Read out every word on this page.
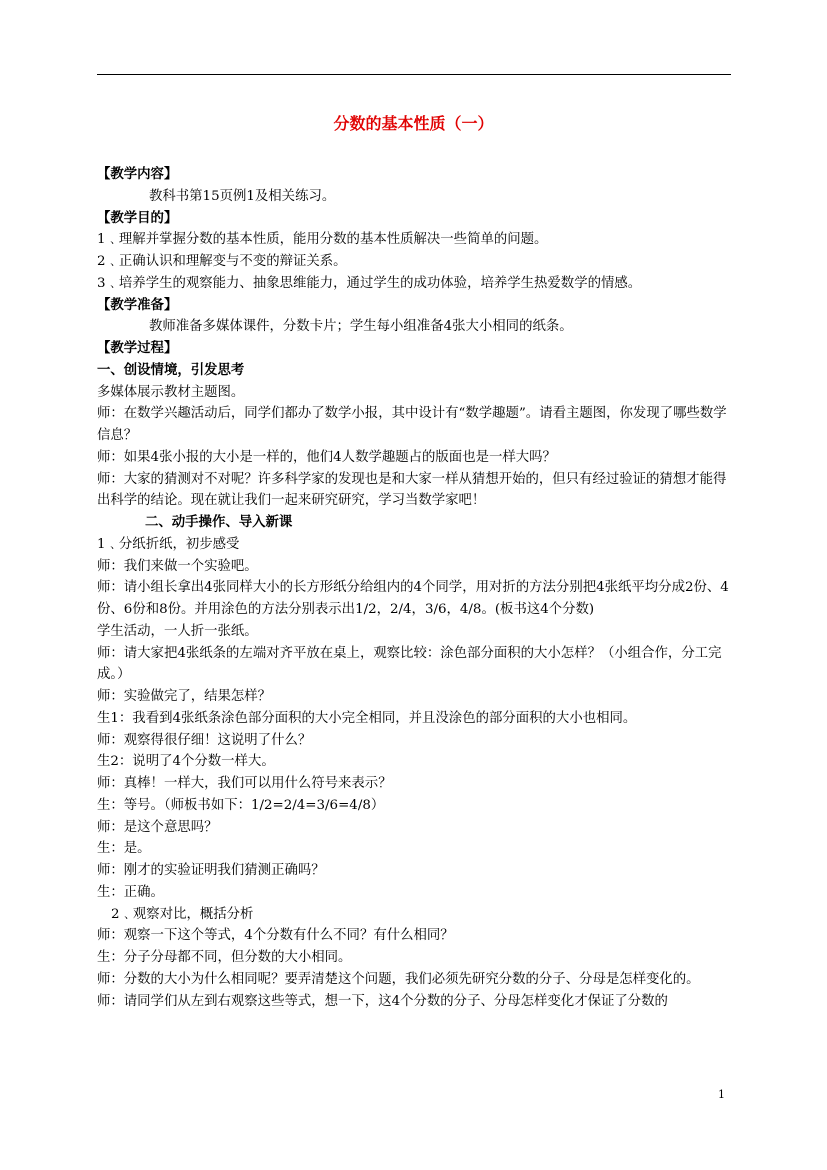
分数的基本性质（一）

【教学内容】

教科书第15页例1及相关练习。

【教学目的】

1﹑理解并掌握分数的基本性质，能用分数的基本性质解决一些简单的问题。

2﹑正确认识和理解变与不变的辩证关系。

3﹑培养学生的观察能力、抽象思维能力，通过学生的成功体验，培养学生热爱数学的情感。

【教学准备】

教师准备多媒体课件，分数卡片；学生每小组准备4张大小相同的纸条。

【教学过程】

一、创设情境，引发思考

多媒体展示教材主题图。

师：在数学兴趣活动后，同学们都办了数学小报，其中设计有“数学趣题”。请看主题图，你发现了哪些数学信息？

师：如果4张小报的大小是一样的，他们4人数学趣题占的版面也是一样大吗？

师：大家的猜测对不对呢？许多科学家的发现也是和大家一样从猜想开始的，但只有经过验证的猜想才能得出科学的结论。现在就让我们一起来研究研究，学习当数学家吧！

二、动手操作、导入新课

1﹑分纸折纸，初步感受

师：我们来做一个实验吧。

师：请小组长拿出4张同样大小的长方形纸分给组内的4个同学，用对折的方法分别把4张纸平均分成2份、4份、6份和8份。并用涂色的方法分别表示出1/2，2/4，3/6，4/8。(板书这4个分数)

学生活动，一人折一张纸。

师：请大家把4张纸条的左端对齐平放在桌上，观察比较：涂色部分面积的大小怎样？（小组合作，分工完成。）

师：实验做完了，结果怎样？

生1：我看到4张纸条涂色部分面积的大小完全相同，并且没涂色的部分面积的大小也相同。

师：观察得很仔细！这说明了什么？

生2：说明了4个分数一样大。

师：真棒！一样大，我们可以用什么符号来表示？

生：等号。（师板书如下：1/2=2/4=3/6=4/8）

师：是这个意思吗？

生：是。

师：刚才的实验证明我们猜测正确吗？

生：正确。

2﹑观察对比，概括分析

师：观察一下这个等式，4个分数有什么不同？有什么相同？

生：分子分母都不同，但分数的大小相同。

师：分数的大小为什么相同呢？要弄清楚这个问题，我们必须先研究分数的分子、分母是怎样变化的。

师：请同学们从左到右观察这些等式，想一下，这4个分数的分子、分母怎样变化才保证了分数的

1
